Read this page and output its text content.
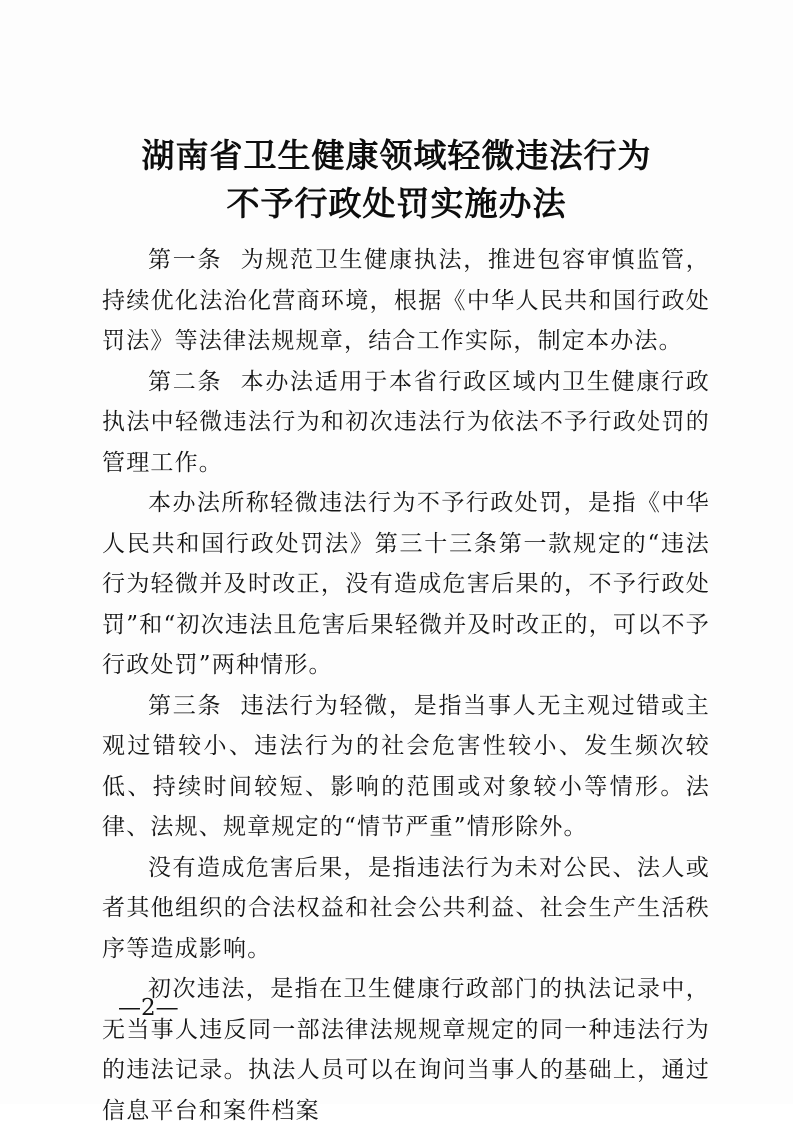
湖南省卫生健康领域轻微违法行为
不予行政处罚实施办法

第一条 为规范卫生健康执法，推进包容审慎监管，持续优化法治化营商环境，根据《中华人民共和国行政处罚法》等法律法规规章，结合工作实际，制定本办法。

第二条 本办法适用于本省行政区域内卫生健康行政执法中轻微违法行为和初次违法行为依法不予行政处罚的管理工作。

本办法所称轻微违法行为不予行政处罚，是指《中华人民共和国行政处罚法》第三十三条第一款规定的“违法行为轻微并及时改正，没有造成危害后果的，不予行政处罚”和“初次违法且危害后果轻微并及时改正的，可以不予行政处罚”两种情形。

第三条 违法行为轻微，是指当事人无主观过错或主观过错较小、违法行为的社会危害性较小、发生频次较低、持续时间较短、影响的范围或对象较小等情形。法律、法规、规章规定的“情节严重”情形除外。

没有造成危害后果，是指违法行为未对公民、法人或者其他组织的合法权益和社会公共利益、社会生产生活秩序等造成影响。

初次违法，是指在卫生健康行政部门的执法记录中，无当事人违反同一部法律法规规章规定的同一种违法行为的违法记录。执法人员可以在询问当事人的基础上，通过信息平台和案件档案

—2—
